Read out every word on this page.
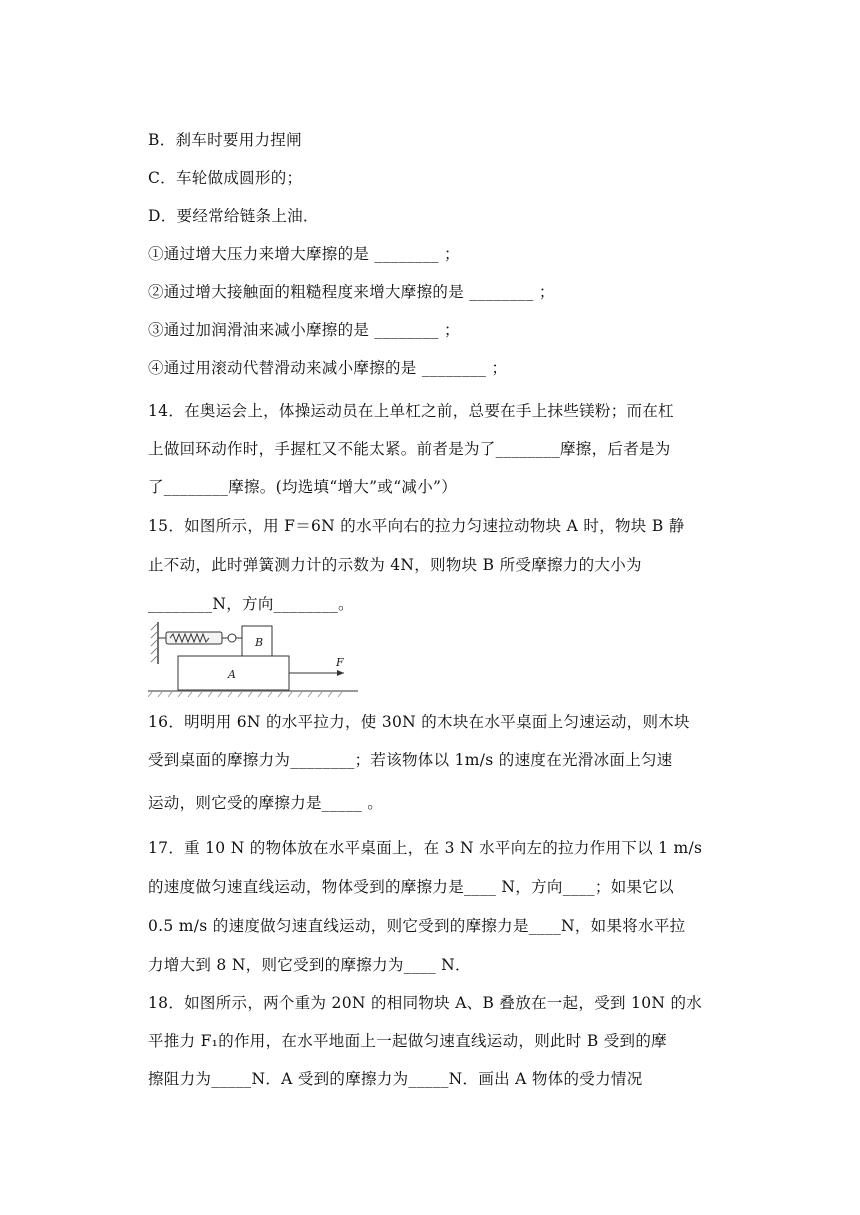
B．刹车时要用力捏闸
C．车轮做成圆形的；
D．要经常给链条上油．
①通过增大压力来增大摩擦的是 ________ ；
②通过增大接触面的粗糙程度来增大摩擦的是 ________ ；
③通过加润滑油来减小摩擦的是 ________ ；
④通过用滚动代替滑动来减小摩擦的是 ________ ；
14．在奥运会上，体操运动员在上单杠之前，总要在手上抹些镁粉；而在杠
上做回环动作时，手握杠又不能太紧。前者是为了________摩擦，后者是为
了________摩擦。(均选填“增大”或“减小”）
15．如图所示，用 F＝6N 的水平向右的拉力匀速拉动物块 A 时，物块 B 静
止不动，此时弹簧测力计的示数为 4N，则物块 B 所受摩擦力的大小为
________N，方向________。
B
A
F
16．明明用 6N 的水平拉力，使 30N 的木块在水平桌面上匀速运动，则木块
受到桌面的摩擦力为________；若该物体以 1m/s 的速度在光滑冰面上匀速
运动，则它受的摩擦力是_____ 。
17．重 10 N 的物体放在水平桌面上，在 3 N 水平向左的拉力作用下以 1 m/s
的速度做匀速直线运动，物体受到的摩擦力是____ N，方向____；如果它以
0.5 m/s 的速度做匀速直线运动，则它受到的摩擦力是____N，如果将水平拉
力增大到 8 N，则它受到的摩擦力为____ N．
18．如图所示，两个重为 20N 的相同物块 A、B 叠放在一起，受到 10N 的水
平推力 F₁的作用，在水平地面上一起做匀速直线运动，则此时 B 受到的摩
擦阻力为_____N．A 受到的摩擦力为_____N．画出 A 物体的受力情况
